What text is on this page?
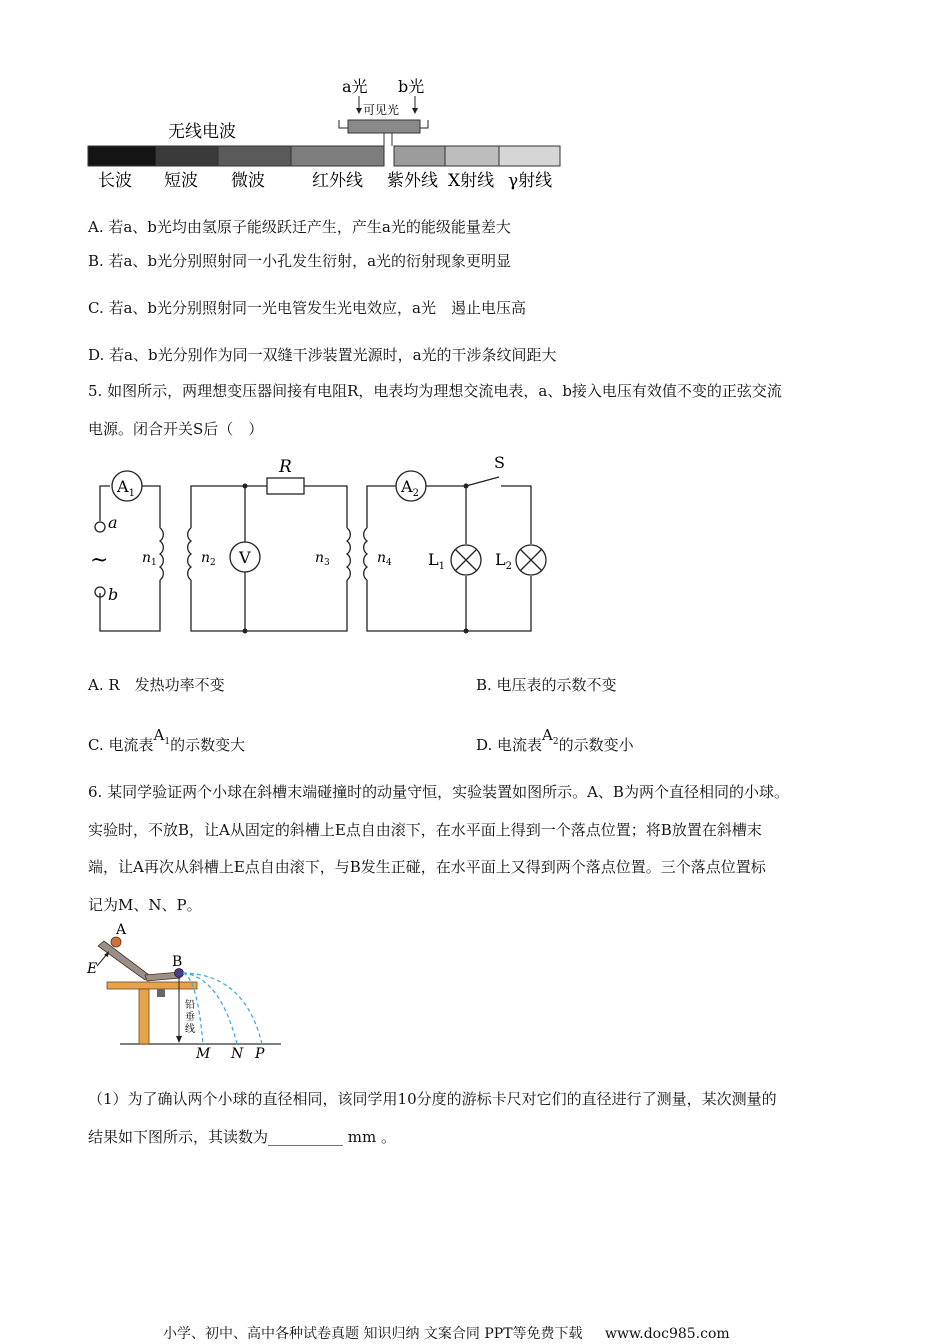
a光 b光
可见光
无线电波
长波 短波 微波	红外线 紫外线 X射线 γ射线
A. 若a、b光均由氢原子能级跃迁产生，产生a光的能级能量差大
B. 若a、b光分别照射同一小孔发生衍射，a光的衍射现象更明显
C. 若a、b光分别照射同一光电管发生光电效应，a光　遏止电压高
D. 若a、b光分别作为同一双缝干涉装置光源时，a光的干涉条纹间距大
5. 如图所示，两理想变压器间接有电阻R，电表均为理想交流电表，a、b接入电压有效值不变的正弦交流
电源。闭合开关S后（　）
$A_1$	$A_2$
V
R	S
a
b
~ $n_1$	$n_2$	$n_3$	$n_4$ $L_1$	$L_2$
A. R　发热功率不变	B. 电压表的示数不变
C. 电流表$A_1$的示数变大	D. 电流表$A_2$的示数变小
6. 某同学验证两个小球在斜槽末端碰撞时的动量守恒，实验装置如图所示。A、B为两个直径相同的小球。
实验时，不放B，让A从固定的斜槽上E点自由滚下，在水平面上得到一个落点位置；将B放置在斜槽末
端，让A再次从斜槽上E点自由滚下，与B发生正碰，在水平面上又得到两个落点位置。三个落点位置标
记为M、N、P。
A
B
E
铅
垂
线
M N P
（1）为了确认两个小球的直径相同，该同学用10分度的游标卡尺对它们的直径进行了测量，某次测量的
结果如下图所示，其读数为__________ mm 。
小学、初中、高中各种试卷真题 知识归纳 文案合同 PPT等免费下载 www.doc985.com
